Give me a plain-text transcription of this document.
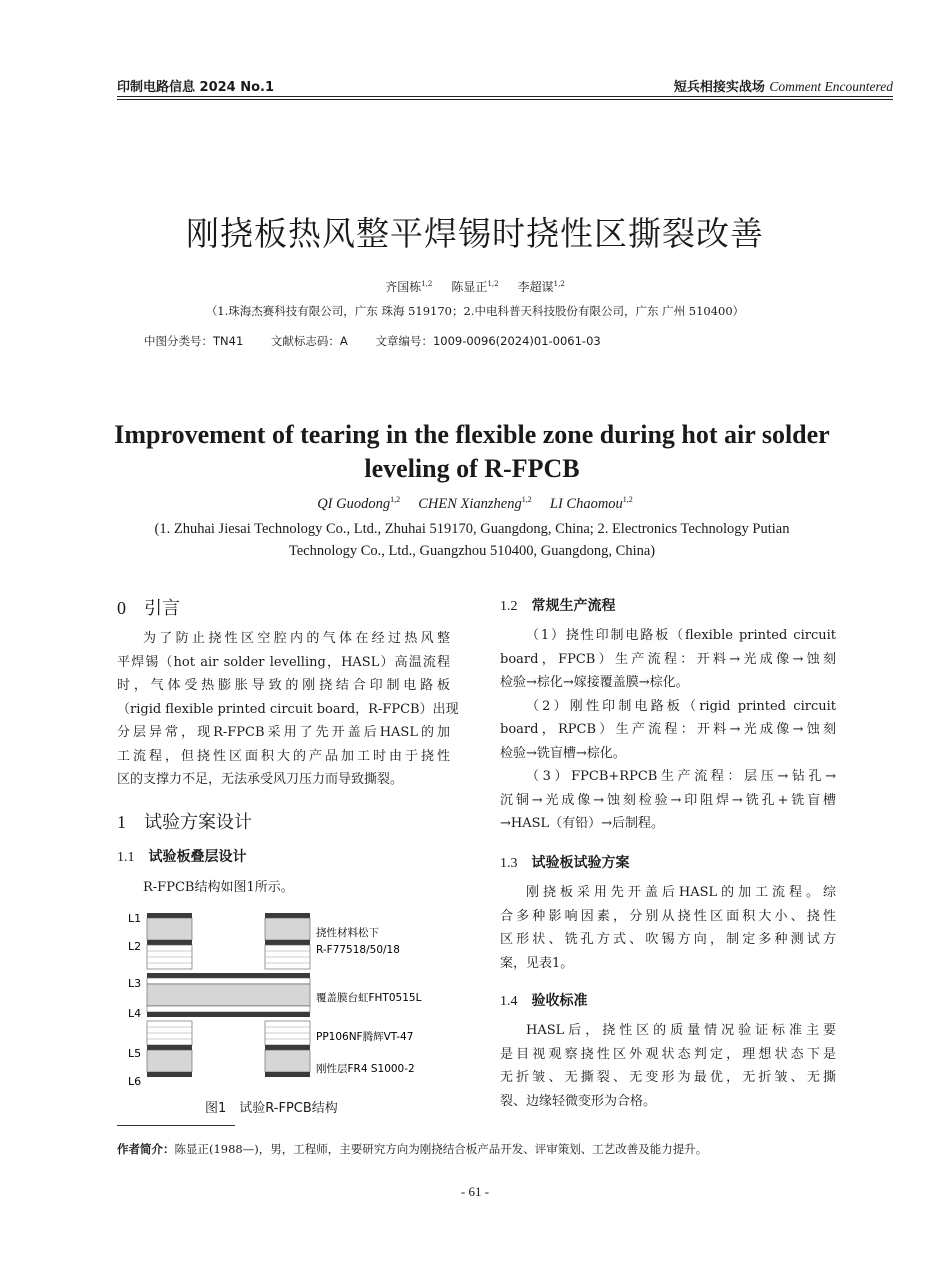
印制电路信息 2024 No.1	短兵相接实战场 Comment Encountered
刚挠板热风整平焊锡时挠性区撕裂改善
齐国栋$^{1,2}$ 陈显正$^{1,2}$ 李超谋$^{1,2}$
（1.珠海杰赛科技有限公司，广东 珠海 519170；2.中电科普天科技股份有限公司，广东 广州 510400）
中图分类号：TN41 文献标志码：A 文章编号：1009-0096(2024)01-0061-03
Improvement of tearing in the flexible zone during hot air solder leveling of R-FPCB
QI Guodong$^{1,2}$ CHEN Xianzheng$^{1,2}$ LI Chaomou$^{1,2}$
(1. Zhuhai Jiesai Technology Co., Ltd., Zhuhai 519170, Guangdong, China; 2. Electronics Technology Putian Technology Co., Ltd., Guangzhou 510400, Guangdong, China)
0 引言
为了防止挠性区空腔内的气体在经过热风整
平焊锡（hot air solder levelling，HASL）高温流程
时，气体受热膨胀导致的刚挠结合印制电路板
（rigid flexible printed circuit board，R-FPCB）出现
分层异常，现R-FPCB采用了先开盖后HASL的加
工流程，但挠性区面积大的产品加工时由于挠性
区的支撑力不足，无法承受风刀压力而导致撕裂。
1 试验方案设计
1.1 试验板叠层设计
R-FPCB结构如图1所示。
L1
L2
L3
L4
L5
L6
挠性材料松下
R-F77518/50/18
覆盖膜台虹FHT0515L
PP106NF腾辉VT-47
刚性层FR4 S1000-2
图1　试验R-FPCB结构
1.2 常规生产流程
（1）挠性印制电路板（flexible printed circuit
board，FPCB）生产流程：开料→光成像→蚀刻
检验→棕化→嫁接覆盖膜→棕化。
（2）刚性印制电路板（rigid printed circuit
board，RPCB）生产流程：开料→光成像→蚀刻
检验→铣盲槽→棕化。
（3）FPCB+RPCB生产流程：层压→钻孔→
沉铜→光成像→蚀刻检验→印阻焊→铣孔+铣盲槽
→HASL（有铅）→后制程。
1.3 试验板试验方案
刚挠板采用先开盖后HASL的加工流程。综
合多种影响因素，分别从挠性区面积大小、挠性
区形状、铣孔方式、吹锡方向，制定多种测试方
案，见表1。
1.4 验收标准
HASL后，挠性区的质量情况验证标准主要
是目视观察挠性区外观状态判定，理想状态下是
无折皱、无撕裂、无变形为最优，无折皱、无撕
裂、边缘轻微变形为合格。
作者简介：陈显正(1988—)，男，工程师，主要研究方向为刚挠结合板产品开发、评审策划、工艺改善及能力提升。
- 61 -
